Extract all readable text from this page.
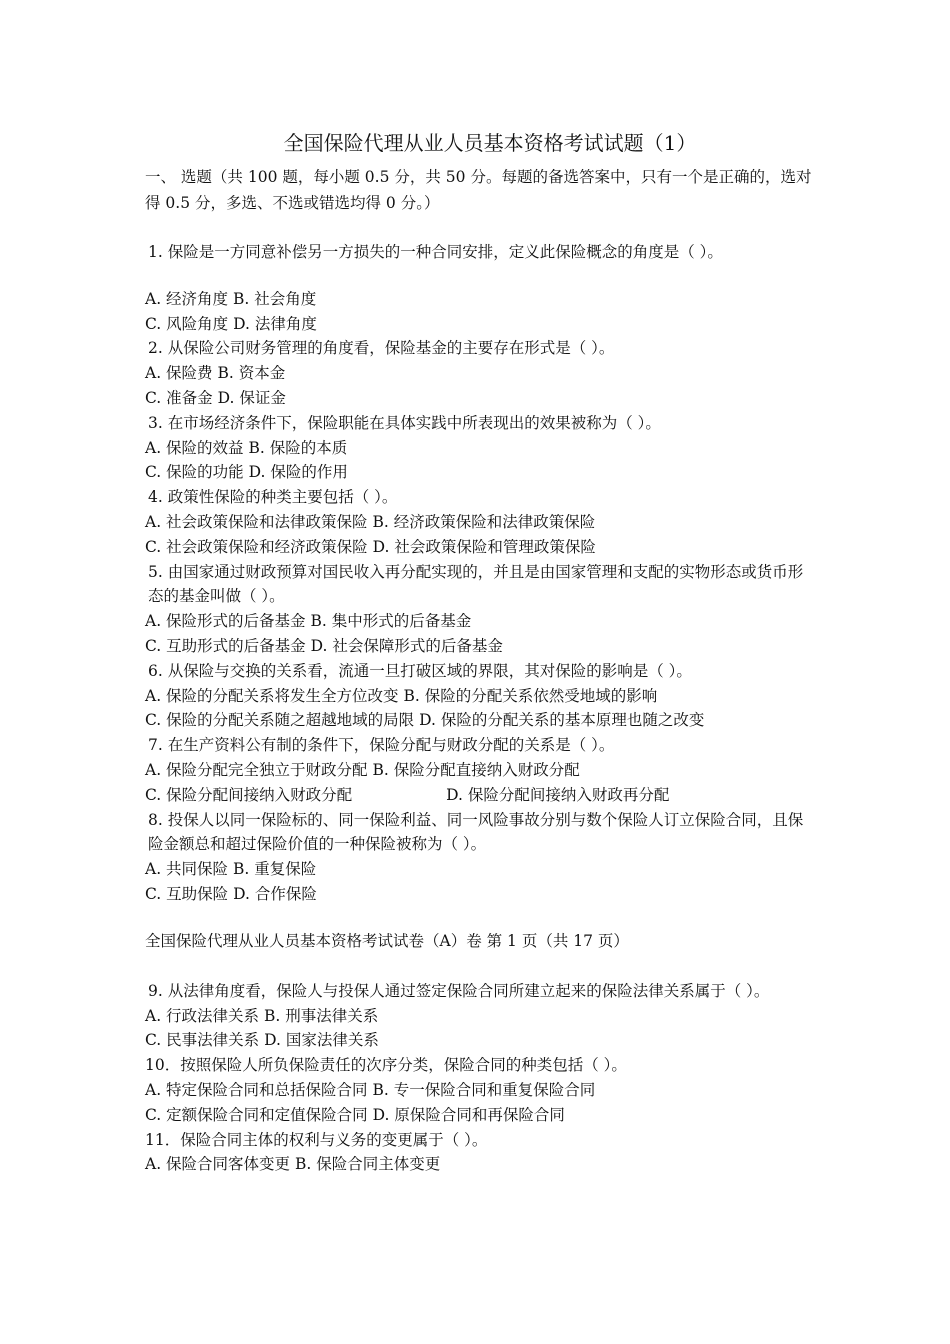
全国保险代理从业人员基本资格考试试题（1）
一、 选题（共 100 题，每小题 0.5 分，共 50 分。每题的备选答案中，只有一个是正确的，选对得 0.5 分，多选、不选或错选均得 0 分。）
1. 保险是一方同意补偿另一方损失的一种合同安排，定义此保险概念的角度是（ ）。
A. 经济角度 B. 社会角度
C. 风险角度 D. 法律角度
2. 从保险公司财务管理的角度看，保险基金的主要存在形式是（ ）。
A. 保险费 B. 资本金
C. 准备金 D. 保证金
3. 在市场经济条件下，保险职能在具体实践中所表现出的效果被称为（ ）。
A. 保险的效益 B. 保险的本质
C. 保险的功能 D. 保险的作用
4. 政策性保险的种类主要包括（ ）。
A. 社会政策保险和法律政策保险 B. 经济政策保险和法律政策保险
C. 社会政策保险和经济政策保险 D. 社会政策保险和管理政策保险
5. 由国家通过财政预算对国民收入再分配实现的，并且是由国家管理和支配的实物形态或货币形态的基金叫做（ ）。
A. 保险形式的后备基金 B. 集中形式的后备基金
C. 互助形式的后备基金 D. 社会保障形式的后备基金
6. 从保险与交换的关系看，流通一旦打破区域的界限，其对保险的影响是（ ）。
A. 保险的分配关系将发生全方位改变 B. 保险的分配关系依然受地域的影响
C. 保险的分配关系随之超越地域的局限 D. 保险的分配关系的基本原理也随之改变
7. 在生产资料公有制的条件下，保险分配与财政分配的关系是（ ）。
A. 保险分配完全独立于财政分配 B. 保险分配直接纳入财政分配
C. 保险分配间接纳入财政分配	D. 保险分配间接纳入财政再分配
8. 投保人以同一保险标的、同一保险利益、同一风险事故分别与数个保险人订立保险合同，且保险金额总和超过保险价值的一种保险被称为（ ）。
A. 共同保险 B. 重复保险
C. 互助保险 D. 合作保险
全国保险代理从业人员基本资格考试试卷（A）卷 第 1 页（共 17 页）
9. 从法律角度看，保险人与投保人通过签定保险合同所建立起来的保险法律关系属于（ ）。
A. 行政法律关系 B. 刑事法律关系
C. 民事法律关系 D. 国家法律关系
10．按照保险人所负保险责任的次序分类，保险合同的种类包括（ ）。
A. 特定保险合同和总括保险合同 B. 专一保险合同和重复保险合同
C. 定额保险合同和定值保险合同 D. 原保险合同和再保险合同
11．保险合同主体的权利与义务的变更属于（ ）。
A. 保险合同客体变更 B. 保险合同主体变更
